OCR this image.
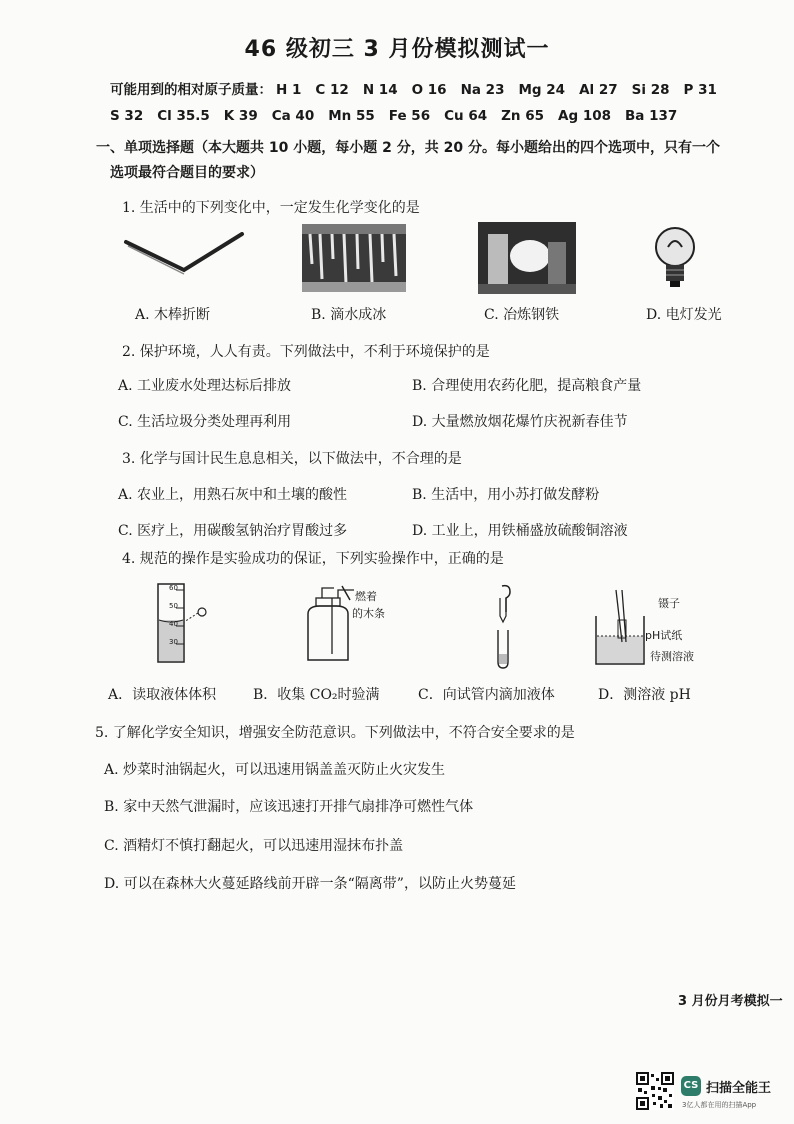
46 级初三 3 月份模拟测试一
可能用到的相对原子质量： H 1 C 12 N 14 O 16 Na 23 Mg 24 Al 27 Si 28 P 31
S 32 Cl 35.5 K 39 Ca 40 Mn 55 Fe 56 Cu 64 Zn 65 Ag 108 Ba 137
一、单项选择题（本大题共 10 小题，每小题 2 分，共 20 分。每小题给出的四个选项中，只有一个
选项最符合题目的要求）
1. 生活中的下列变化中，一定发生化学变化的是
A. 木棒折断	B. 滴水成冰	C. 冶炼钢铁	D. 电灯发光
2. 保护环境，人人有责。下列做法中，不利于环境保护的是
A. 工业废水处理达标后排放	B. 合理使用农药化肥，提高粮食产量
C. 生活垃圾分类处理再利用	D. 大量燃放烟花爆竹庆祝新春佳节
3. 化学与国计民生息息相关，以下做法中，不合理的是
A. 农业上，用熟石灰中和土壤的酸性	B. 生活中，用小苏打做发酵粉
C. 医疗上，用碳酸氢钠治疗胃酸过多	D. 工业上，用铁桶盛放硫酸铜溶液
4. 规范的操作是实验成功的保证，下列实验操作中，正确的是
60
50
40
30
燃着
的木条
镊子
pH试纸
待测溶液
A．读取液体体积	B．收集 CO₂时验满	C．向试管内滴加液体	D．测溶液 pH
5. 了解化学安全知识，增强安全防范意识。下列做法中，不符合安全要求的是
A. 炒菜时油锅起火，可以迅速用锅盖盖灭防止火灾发生
B. 家中天然气泄漏时，应该迅速打开排气扇排净可燃性气体
C. 酒精灯不慎打翻起火，可以迅速用湿抹布扑盖
D. 可以在森林大火蔓延路线前开辟一条“隔离带”，以防止火势蔓延
3 月份月考模拟一
CS 扫描全能王
3亿人都在用的扫描App
